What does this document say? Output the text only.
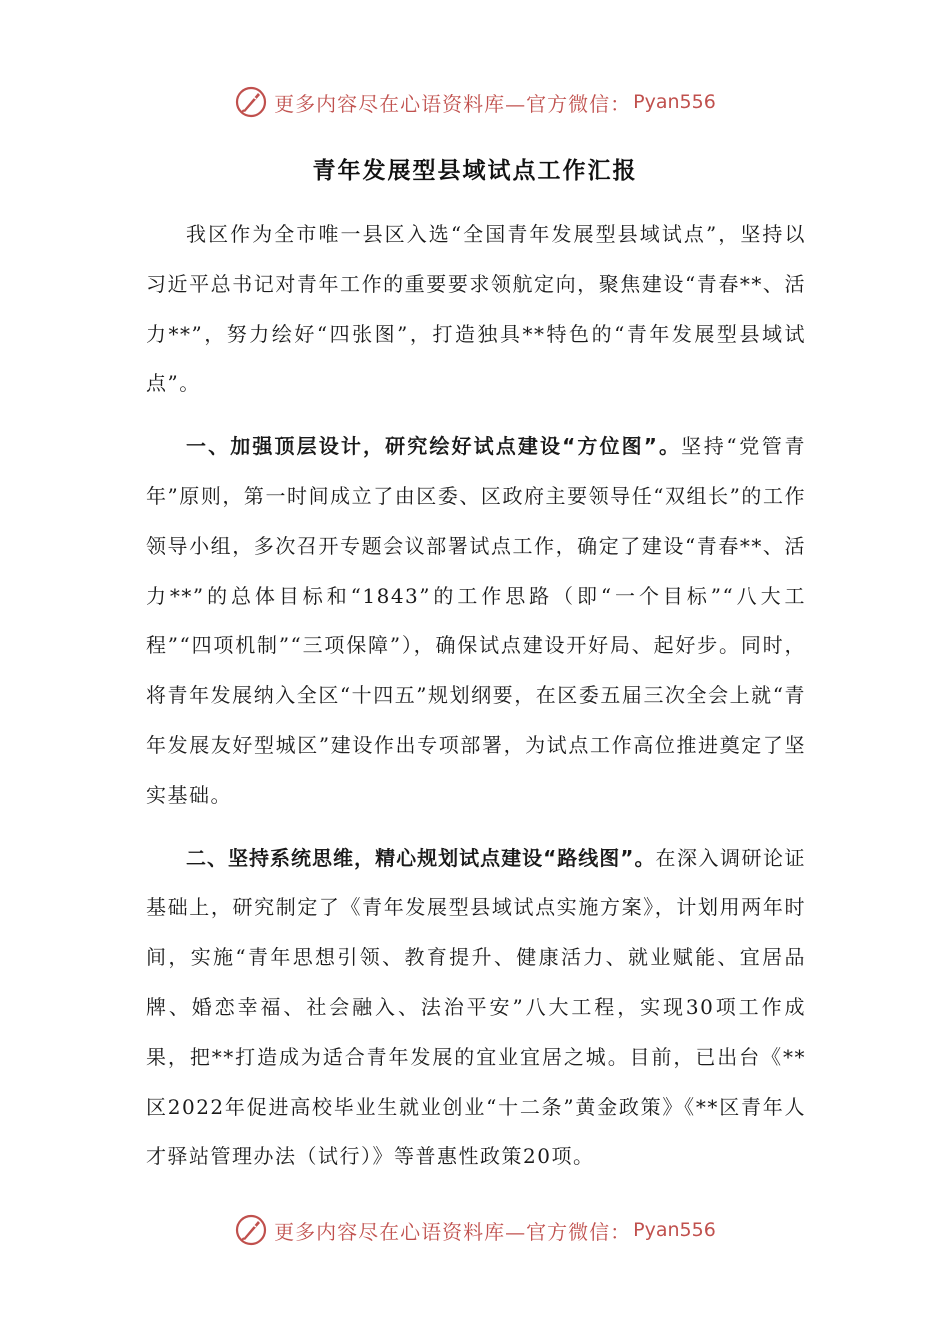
更多内容尽在心语资料库—官方微信： Pyan556
青年发展型县域试点工作汇报

我区作为全市唯一县区入选“全国青年发展型县域试点”，坚持以习近平总书记对青年工作的重要要求领航定向，聚焦建设“青春**、活力**”，努力绘好“四张图”，打造独具**特色的“青年发展型县域试点”。

一、加强顶层设计，研究绘好试点建设“方位图”。坚持“党管青年”原则，第一时间成立了由区委、区政府主要领导任“双组长”的工作领导小组，多次召开专题会议部署试点工作，确定了建设“青春**、活力**”的总体目标和“1843”的工作思路（即“一个目标”“八大工程”“四项机制”“三项保障”），确保试点建设开好局、起好步。同时，将青年发展纳入全区“十四五”规划纲要，在区委五届三次全会上就“青年发展友好型城区”建设作出专项部署，为试点工作高位推进奠定了坚实基础。

二、坚持系统思维，精心规划试点建设“路线图”。在深入调研论证基础上，研究制定了《青年发展型县域试点实施方案》，计划用两年时间，实施“青年思想引领、教育提升、健康活力、就业赋能、宜居品牌、婚恋幸福、社会融入、法治平安”八大工程，实现30项工作成果，把**打造成为适合青年发展的宜业宜居之城。目前，已出台《**区2022年促进高校毕业生就业创业“十二条”黄金政策》《**区青年人才驿站管理办法（试行）》等普惠性政策20项。

更多内容尽在心语资料库—官方微信： Pyan556
